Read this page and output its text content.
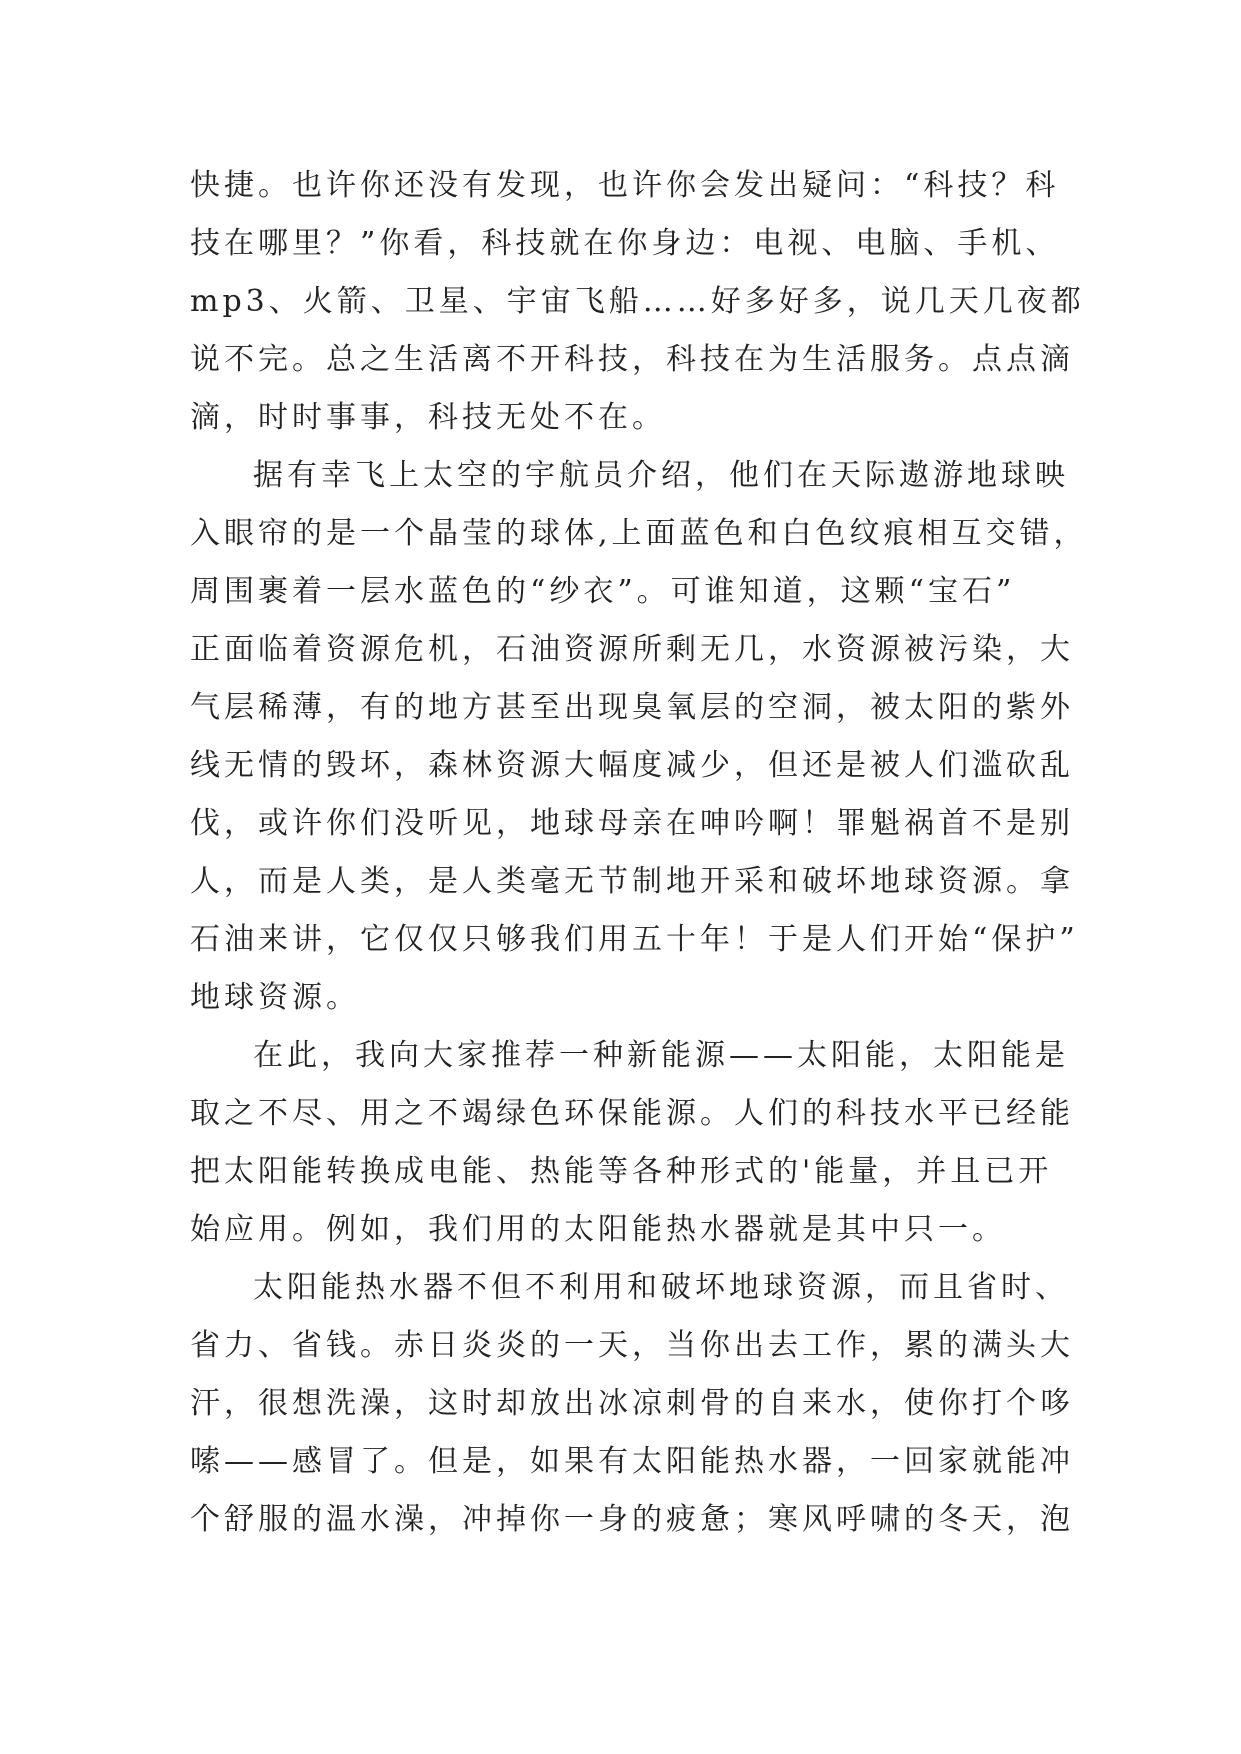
快捷。也许你还没有发现，也许你会发出疑问：“科技？科
技在哪里？”你看，科技就在你身边：电视、电脑、手机、
mp3、火箭、卫星、宇宙飞船……好多好多，说几天几夜都
说不完。总之生活离不开科技，科技在为生活服务。点点滴
滴，时时事事，科技无处不在。
据有幸飞上太空的宇航员介绍，他们在天际遨游地球映
入眼帘的是一个晶莹的球体,上面蓝色和白色纹痕相互交错，
周围裹着一层水蓝色的“纱衣”。可谁知道，这颗“宝石”
正面临着资源危机，石油资源所剩无几，水资源被污染，大
气层稀薄，有的地方甚至出现臭氧层的空洞，被太阳的紫外
线无情的毁坏，森林资源大幅度减少，但还是被人们滥砍乱
伐，或许你们没听见，地球母亲在呻吟啊！罪魁祸首不是别
人，而是人类，是人类毫无节制地开采和破坏地球资源。拿
石油来讲，它仅仅只够我们用五十年！于是人们开始“保护”
地球资源。
在此，我向大家推荐一种新能源——太阳能，太阳能是
取之不尽、用之不竭绿色环保能源。人们的科技水平已经能
把太阳能转换成电能、热能等各种形式的'能量，并且已开
始应用。例如，我们用的太阳能热水器就是其中只一。
太阳能热水器不但不利用和破坏地球资源，而且省时、
省力、省钱。赤日炎炎的一天，当你出去工作，累的满头大
汗，很想洗澡，这时却放出冰凉刺骨的自来水，使你打个哆
嗦——感冒了。但是，如果有太阳能热水器，一回家就能冲
个舒服的温水澡，冲掉你一身的疲惫；寒风呼啸的冬天，泡
